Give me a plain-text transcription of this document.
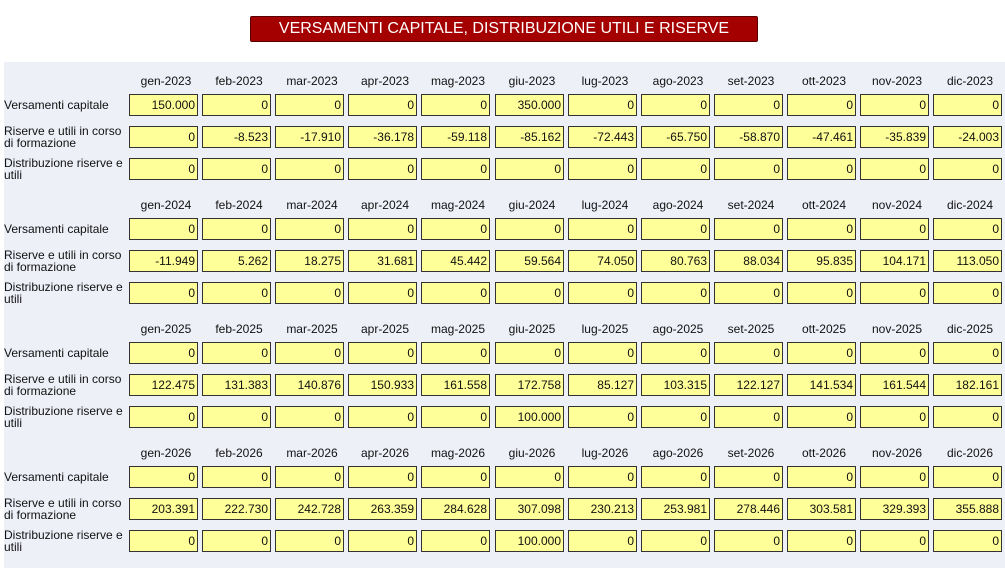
VERSAMENTI CAPITALE, DISTRIBUZIONE UTILI E RISERVE
gen-2023	feb-2023	mar-2023	apr-2023	mag-2023	giu-2023	lug-2023	ago-2023	set-2023	ott-2023	nov-2023	dic-2023
Versamenti capitale	150.000	0	0	0	0	350.000	0	0	0	0	0	0
Riserve e utili in corso di formazione	0	-8.523	-17.910	-36.178	-59.118	-85.162	-72.443	-65.750	-58.870	-47.461	-35.839	-24.003
Distribuzione riserve e utili	0	0	0	0	0	0	0	0	0	0	0	0
gen-2024	feb-2024	mar-2024	apr-2024	mag-2024	giu-2024	lug-2024	ago-2024	set-2024	ott-2024	nov-2024	dic-2024
Versamenti capitale	0	0	0	0	0	0	0	0	0	0	0	0
Riserve e utili in corso di formazione	-11.949	5.262	18.275	31.681	45.442	59.564	74.050	80.763	88.034	95.835	104.171	113.050
Distribuzione riserve e utili	0	0	0	0	0	0	0	0	0	0	0	0
gen-2025	feb-2025	mar-2025	apr-2025	mag-2025	giu-2025	lug-2025	ago-2025	set-2025	ott-2025	nov-2025	dic-2025
Versamenti capitale	0	0	0	0	0	0	0	0	0	0	0	0
Riserve e utili in corso di formazione	122.475	131.383	140.876	150.933	161.558	172.758	85.127	103.315	122.127	141.534	161.544	182.161
Distribuzione riserve e utili	0	0	0	0	0	100.000	0	0	0	0	0	0
gen-2026	feb-2026	mar-2026	apr-2026	mag-2026	giu-2026	lug-2026	ago-2026	set-2026	ott-2026	nov-2026	dic-2026
Versamenti capitale	0	0	0	0	0	0	0	0	0	0	0	0
Riserve e utili in corso di formazione	203.391	222.730	242.728	263.359	284.628	307.098	230.213	253.981	278.446	303.581	329.393	355.888
Distribuzione riserve e utili	0	0	0	0	0	100.000	0	0	0	0	0	0
